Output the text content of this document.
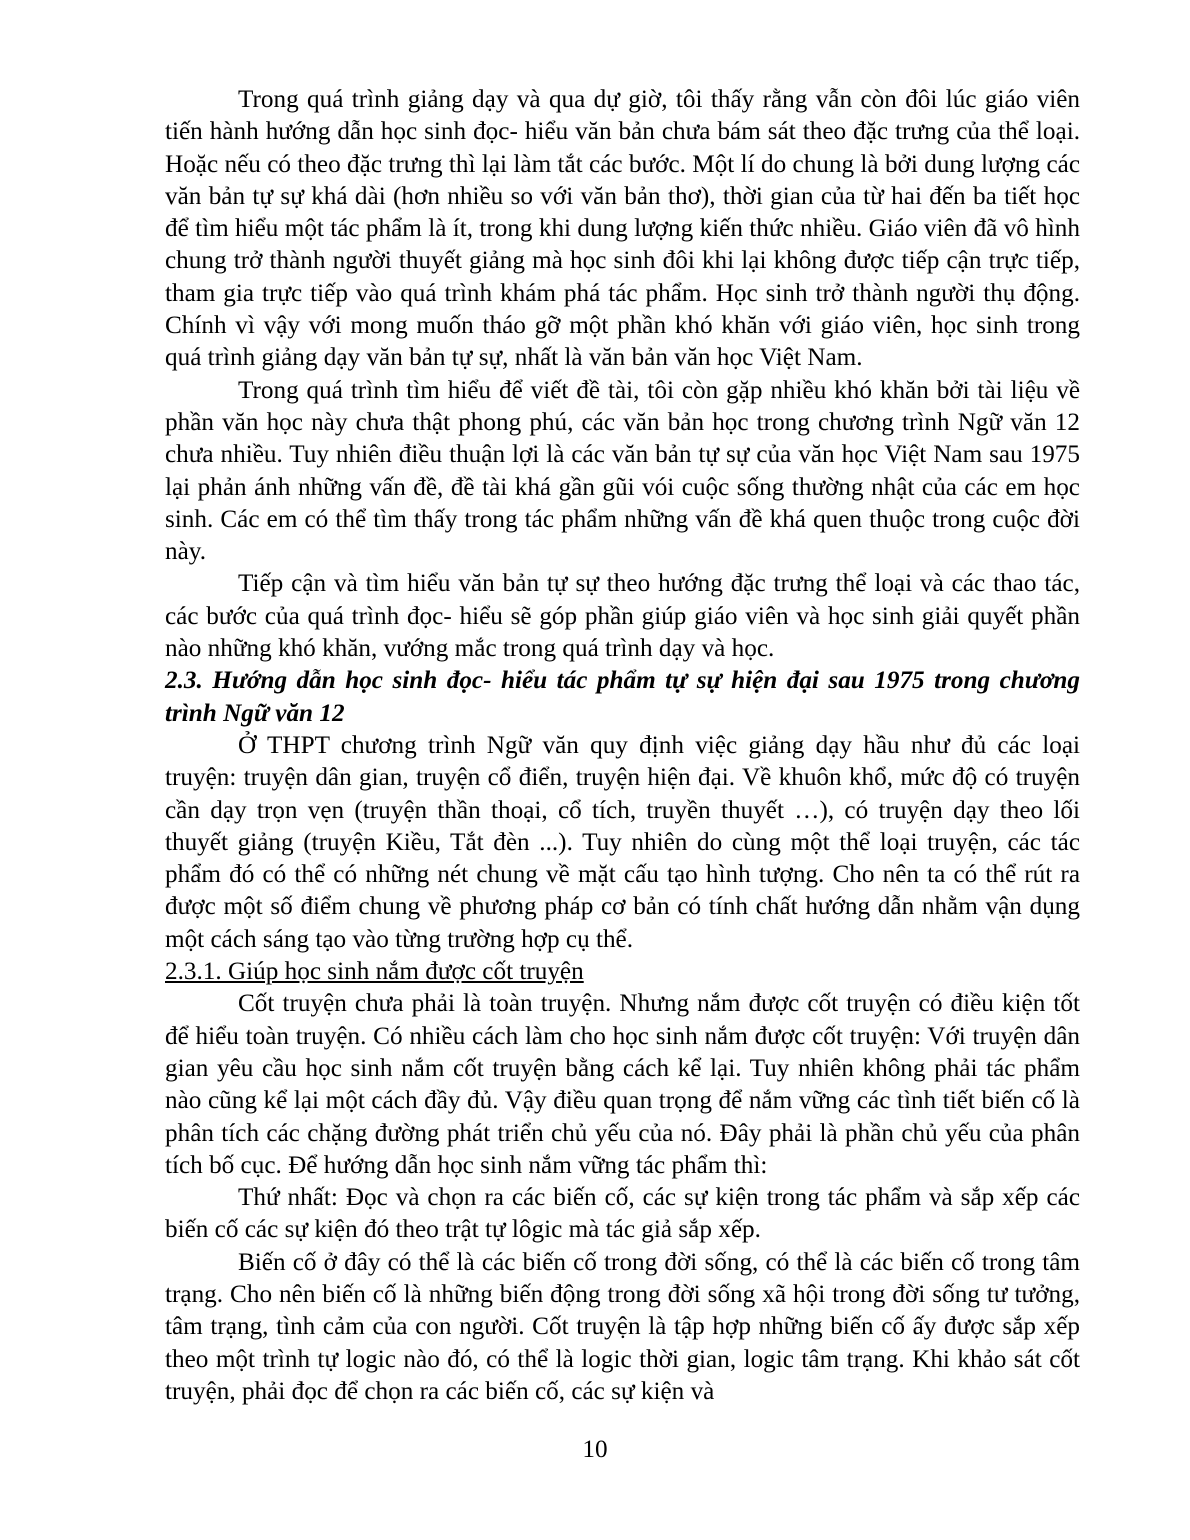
Trong quá trình giảng dạy và qua dự giờ, tôi thấy rằng vẫn còn đôi lúc giáo viên tiến hành hướng dẫn học sinh đọc- hiểu văn bản chưa bám sát theo đặc trưng của thể loại. Hoặc nếu có theo đặc trưng thì lại làm tắt các bước. Một lí do chung là bởi dung lượng các văn bản tự sự khá dài (hơn nhiều so với văn bản thơ), thời gian của từ hai đến ba tiết học để tìm hiểu một tác phẩm là ít, trong khi dung lượng kiến thức nhiều. Giáo viên đã vô hình chung trở thành người thuyết giảng mà học sinh đôi khi lại không được tiếp cận trực tiếp, tham gia trực tiếp vào quá trình khám phá tác phẩm. Học sinh trở thành người thụ động. Chính vì vậy với mong muốn tháo gỡ một phần khó khăn với giáo viên, học sinh trong quá trình giảng dạy văn bản tự sự, nhất là văn bản văn học Việt Nam.

Trong quá trình tìm hiểu để viết đề tài, tôi còn gặp nhiều khó khăn bởi tài liệu về phần văn học này chưa thật phong phú, các văn bản học trong chương trình Ngữ văn 12 chưa nhiều. Tuy nhiên điều thuận lợi là các văn bản tự sự của văn học Việt Nam sau 1975 lại phản ánh những vấn đề, đề tài khá gần gũi vói cuộc sống thường nhật của các em học sinh. Các em có thể tìm thấy trong tác phẩm những vấn đề khá quen thuộc trong cuộc đời này.

Tiếp cận và tìm hiểu văn bản tự sự theo hướng đặc trưng thể loại và các thao tác, các bước của quá trình đọc- hiểu sẽ góp phần giúp giáo viên và học sinh giải quyết phần nào những khó khăn, vướng mắc trong quá trình dạy và học.

2.3. Hướng dẫn học sinh đọc- hiểu tác phẩm tự sự hiện đại sau 1975 trong chương trình Ngữ văn 12

Ở THPT chương trình Ngữ văn quy định việc giảng dạy hầu như đủ các loại truyện: truyện dân gian, truyện cổ điển, truyện hiện đại. Về khuôn khổ, mức độ có truyện cần dạy trọn vẹn (truyện thần thoại, cổ tích, truyền thuyết …), có truyện dạy theo lối thuyết giảng (truyện Kiều, Tắt đèn ...). Tuy nhiên do cùng một thể loại truyện, các tác phẩm đó có thể có những nét chung về mặt cấu tạo hình tượng. Cho nên ta có thể rút ra được một số điểm chung về phương pháp cơ bản có tính chất hướng dẫn nhằm vận dụng một cách sáng tạo vào từng trường hợp cụ thể.

2.3.1. Giúp học sinh nắm được cốt truyện

Cốt truyện chưa phải là toàn truyện. Nhưng nắm được cốt truyện có điều kiện tốt để hiểu toàn truyện. Có nhiều cách làm cho học sinh nắm được cốt truyện: Với truyện dân gian yêu cầu học sinh nắm cốt truyện bằng cách kể lại. Tuy nhiên không phải tác phẩm nào cũng kể lại một cách đầy đủ. Vậy điều quan trọng để nắm vững các tình tiết biến cố là phân tích các chặng đường phát triển chủ yếu của nó. Đây phải là phần chủ yếu của phân tích bố cục. Để hướng dẫn học sinh nắm vững tác phẩm thì:

Thứ nhất: Đọc và chọn ra các biến cố, các sự kiện trong tác phẩm và sắp xếp các biến cố các sự kiện đó theo trật tự lôgic mà tác giả sắp xếp.

Biến cố ở đây có thể là các biến cố trong đời sống, có thể là các biến cố trong tâm trạng. Cho nên biến cố là những biến động trong đời sống xã hội trong đời sống tư tưởng, tâm trạng, tình cảm của con người. Cốt truyện là tập hợp những biến cố ấy được sắp xếp theo một trình tự logic nào đó, có thể là logic thời gian, logic tâm trạng. Khi khảo sát cốt truyện, phải đọc để chọn ra các biến cố, các sự kiện và

10
